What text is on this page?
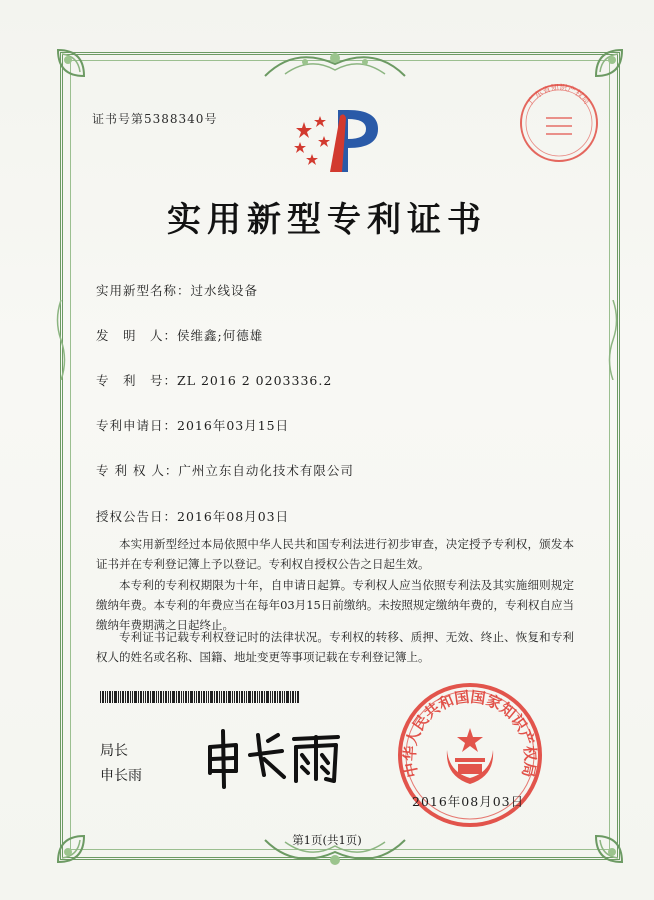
证书号第5388340号
实用新型专利证书
实用新型名称：过水线设备
发　明　人：侯维鑫;何德雄
专　利　号：ZL 2016 2 0203336.2
专利申请日：2016年03月15日
专 利 权 人：广州立东自动化技术有限公司
授权公告日：2016年08月03日
本实用新型经过本局依照中华人民共和国专利法进行初步审查，决定授予专利权，颁发本证书并在专利登记簿上予以登记。专利权自授权公告之日起生效。
本专利的专利权期限为十年，自申请日起算。专利权人应当依照专利法及其实施细则规定缴纳年费。本专利的年费应当在每年03月15日前缴纳。未按照规定缴纳年费的，专利权自应当缴纳年费期满之日起终止。
专利证书记载专利权登记时的法律状况。专利权的转移、质押、无效、终止、恢复和专利权人的姓名或名称、国籍、地址变更等事项记载在专利登记簿上。
局长
申长雨	中华人民共和国国家知识产权局
2016年08月03日
广东省知识产权局
第1页(共1页)
